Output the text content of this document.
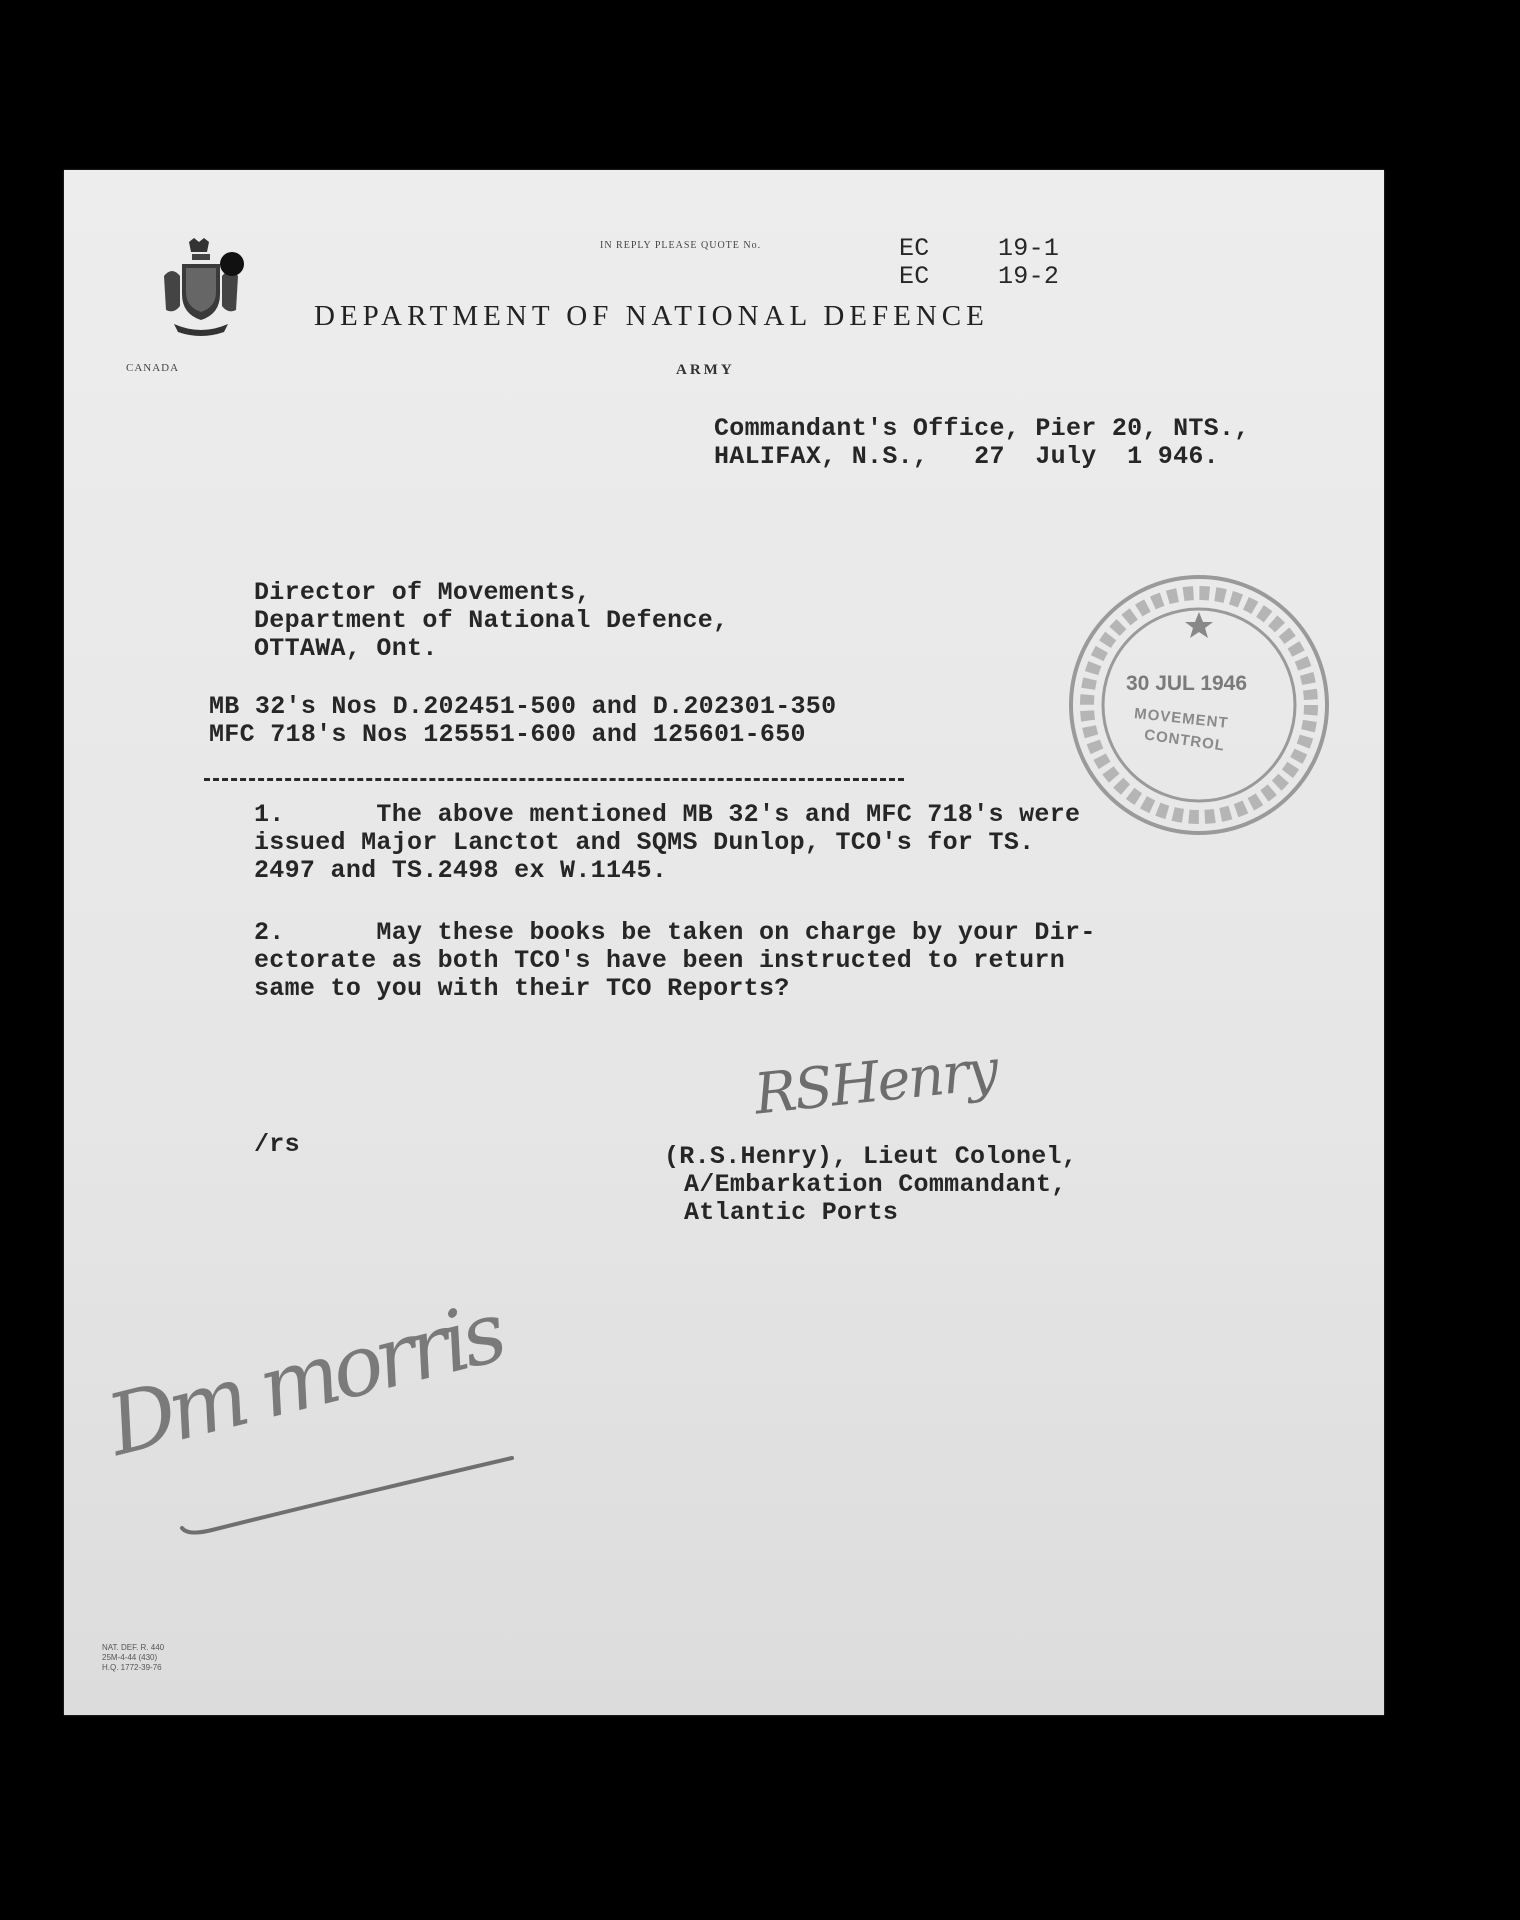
CANADA
IN REPLY PLEASE QUOTE No.	EC	19-1
EC	19-2
DEPARTMENT OF NATIONAL DEFENCE
ARMY
Commandant's Office, Pier 20, NTS.,
HALIFAX, N.S.,   27  July  1 946.
Director of Movements,
Department of National Defence,
OTTAWA, Ont.
MB 32's Nos D.202451-500 and D.202301-350
MFC 718's Nos 125551-600 and 125601-650
1.      The above mentioned MB 32's and MFC 718's were
issued Major Lanctot and SQMS Dunlop, TCO's for TS.
2497 and TS.2498 ex W.1145.
2.      May these books be taken on charge by your Dir-
ectorate as both TCO's have been instructed to return
same to you with their TCO Reports?

30 JUL 1946

MOVEMENT

CONTROL

/rs
RSHenry
(R.S.Henry), Lieut Colonel,
A/Embarkation Commandant,
Atlantic Ports
Dm morris

NAT. DEF. R. 440
25M-4-44 (430)
H.Q. 1772-39-76
